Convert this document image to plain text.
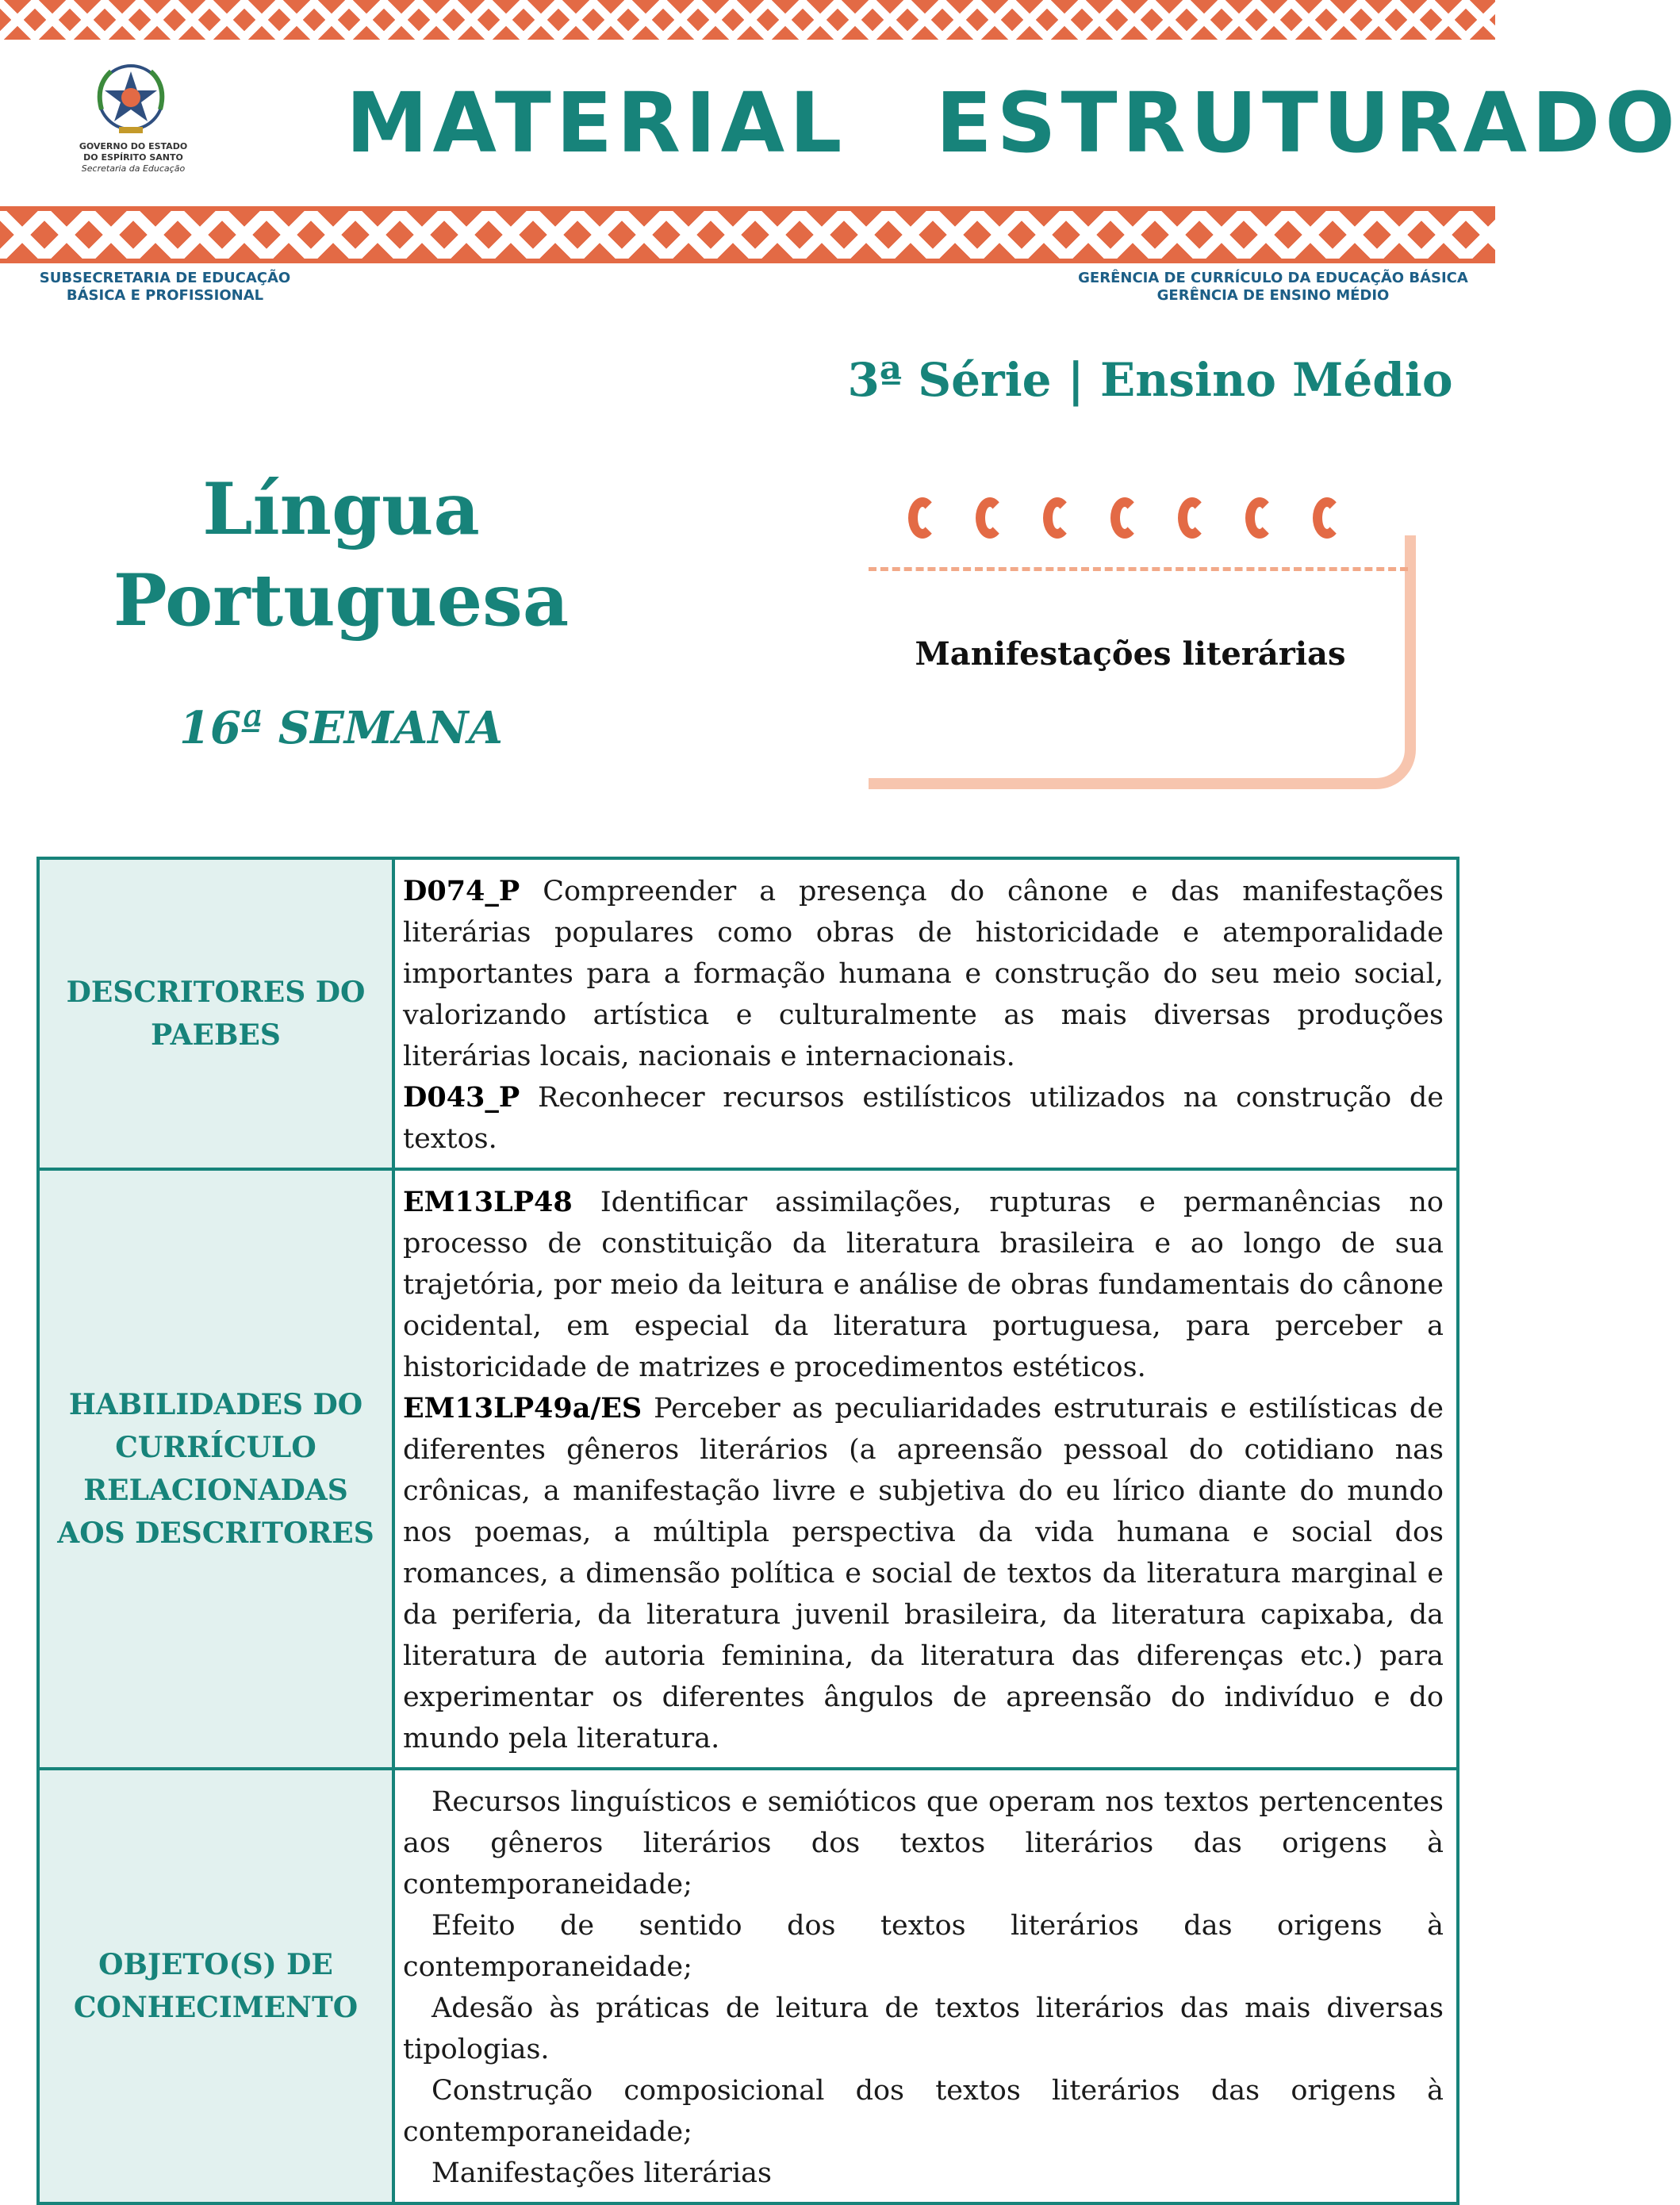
GOVERNO DO ESTADO
DO ESPÍRITO SANTO
Secretaria da Educação MATERIAL ESTRUTURADO
SUBSECRETARIA DE EDUCAÇÃO
BÁSICA E PROFISSIONAL
GERÊNCIA DE CURRÍCULO DA EDUCAÇÃO BÁSICA
GERÊNCIA DE ENSINO MÉDIO
3ª Série | Ensino Médio
Língua
Portuguesa
16ª SEMANA
Manifestações literárias
DESCRITORES DO PAEBES	D074_P Compreender a presença do cânone e das manifestações literárias populares como obras de historicidade e atemporalidade importantes para a formação humana e construção do seu meio social, valorizando artística e culturalmente as mais diversas produções literárias locais, nacionais e internacionais.

D043_P Reconhecer recursos estilísticos utilizados na construção de textos.

HABILIDADES DO CURRÍCULO RELACIONADAS AOS DESCRITORES	EM13LP48 Identificar assimilações, rupturas e permanências no processo de constituição da literatura brasileira e ao longo de sua trajetória, por meio da leitura e análise de obras fundamentais do cânone ocidental, em especial da literatura portuguesa, para perceber a historicidade de matrizes e procedimentos estéticos.

EM13LP49a/ES Perceber as peculiaridades estruturais e estilísticas de diferentes gêneros literários (a apreensão pessoal do cotidiano nas crônicas, a manifestação livre e subjetiva do eu lírico diante do mundo nos poemas, a múltipla perspectiva da vida humana e social dos romances, a dimensão política e social de textos da literatura marginal e da periferia, da literatura juvenil brasileira, da literatura capixaba, da literatura de autoria feminina, da literatura das diferenças etc.) para experimentar os diferentes ângulos de apreensão do indivíduo e do mundo pela literatura.

OBJETO(S) DE CONHECIMENTO	Recursos linguísticos e semióticos que operam nos textos pertencentes aos gêneros literários dos textos literários das origens à contemporaneidade;

Efeito de sentido dos textos literários das origens à contemporaneidade;

Adesão às práticas de leitura de textos literários das mais diversas tipologias.

Construção composicional dos textos literários das origens à contemporaneidade;

Manifestações literárias
